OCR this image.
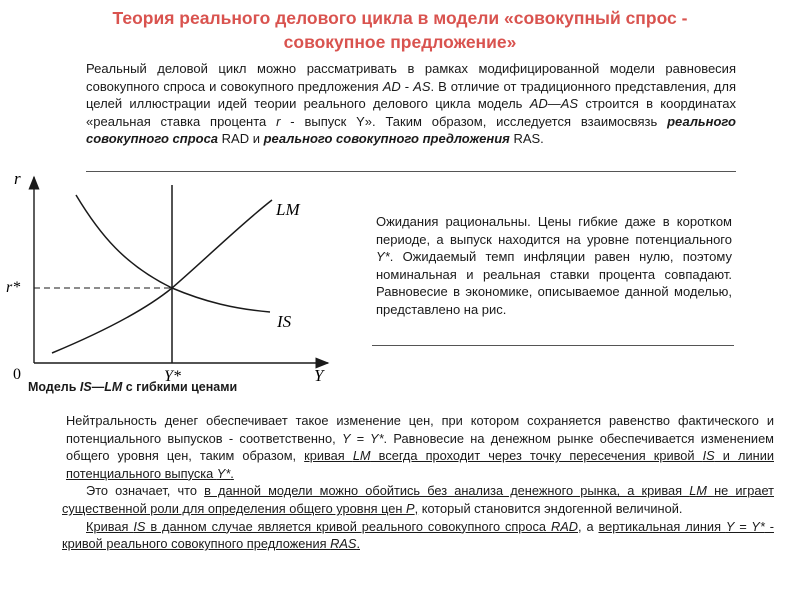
Теория реального делового цикла в модели «совокупный спрос -
совокупное предложение»
Реальный деловой цикл можно рассматривать в рамках модифицированной модели равновесия совокупного спроса и совокупного предложения AD - AS. В отличие от традиционного представления, для целей иллюстрации идей теории реального делового цикла модель AD—AS строится в координатах «реальная ставка процента r - выпуск Y». Таким образом, исследуется взаимосвязь реального совокупного спроса RAD и реального совокупного предложения RAS.
r
0	Y
r*
Y*
LM
IS
Модель IS—LM с гибкими ценами
Ожидания рациональны. Цены гибкие даже в коротком периоде, а выпуск находится на уровне потенциального Y*. Ожидаемый темп инфляции равен нулю, поэтому номинальная и реальная ставки процента совпадают. Равновесие в экономике, описываемое данной моделью, представлено на рис.

Нейтральность денег обеспечивает такое изменение цен, при котором сохраняется равенство фактического и потенциального выпусков - соответственно, Y = Y*. Равновесие на денежном рынке обеспечивается изменением общего уровня цен, таким образом, кривая LM всегда проходит через точку пересечения кривой IS и линии потенциального выпуска Y*.

Это означает, что в данной модели можно обойтись без анализа денежного рынка, а кривая LM не играет существенной роли для определения общего уровня цен P, который становится эндогенной величиной.

Кривая IS в данном случае является кривой реального совокупного спроса RAD, а вертикальная линия Y = Y* - кривой реального совокупного предложения RAS.
